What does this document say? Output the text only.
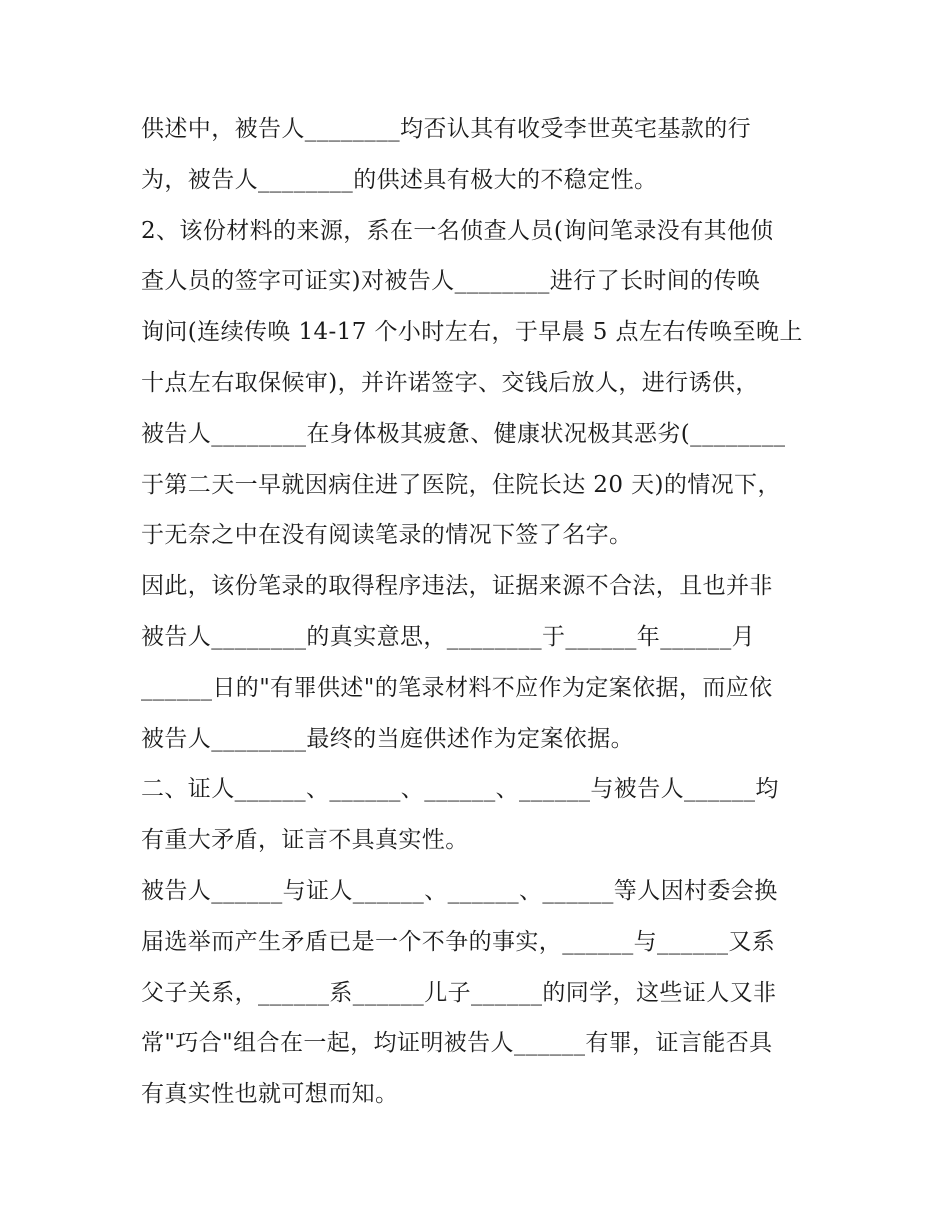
供述中，被告人________均否认其有收受李世英宅基款的行
为，被告人________的供述具有极大的不稳定性。
2、该份材料的来源，系在一名侦查人员(询问笔录没有其他侦
查人员的签字可证实)对被告人________进行了长时间的传唤
询问(连续传唤 14-17 个小时左右，于早晨 5 点左右传唤至晚上
十点左右取保候审)，并许诺签字、交钱后放人，进行诱供，
被告人________在身体极其疲惫、健康状况极其恶劣(________
于第二天一早就因病住进了医院，住院长达 20 天)的情况下，
于无奈之中在没有阅读笔录的情况下签了名字。
因此，该份笔录的取得程序违法，证据来源不合法，且也并非
被告人________的真实意思，________于______年______月
______日的"有罪供述"的笔录材料不应作为定案依据，而应依
被告人________最终的当庭供述作为定案依据。
二、证人______、______、______、______与被告人______均
有重大矛盾，证言不具真实性。
被告人______与证人______、______、______等人因村委会换
届选举而产生矛盾已是一个不争的事实，______与______又系
父子关系，______系______儿子______的同学，这些证人又非
常"巧合"组合在一起，均证明被告人______有罪，证言能否具
有真实性也就可想而知。
